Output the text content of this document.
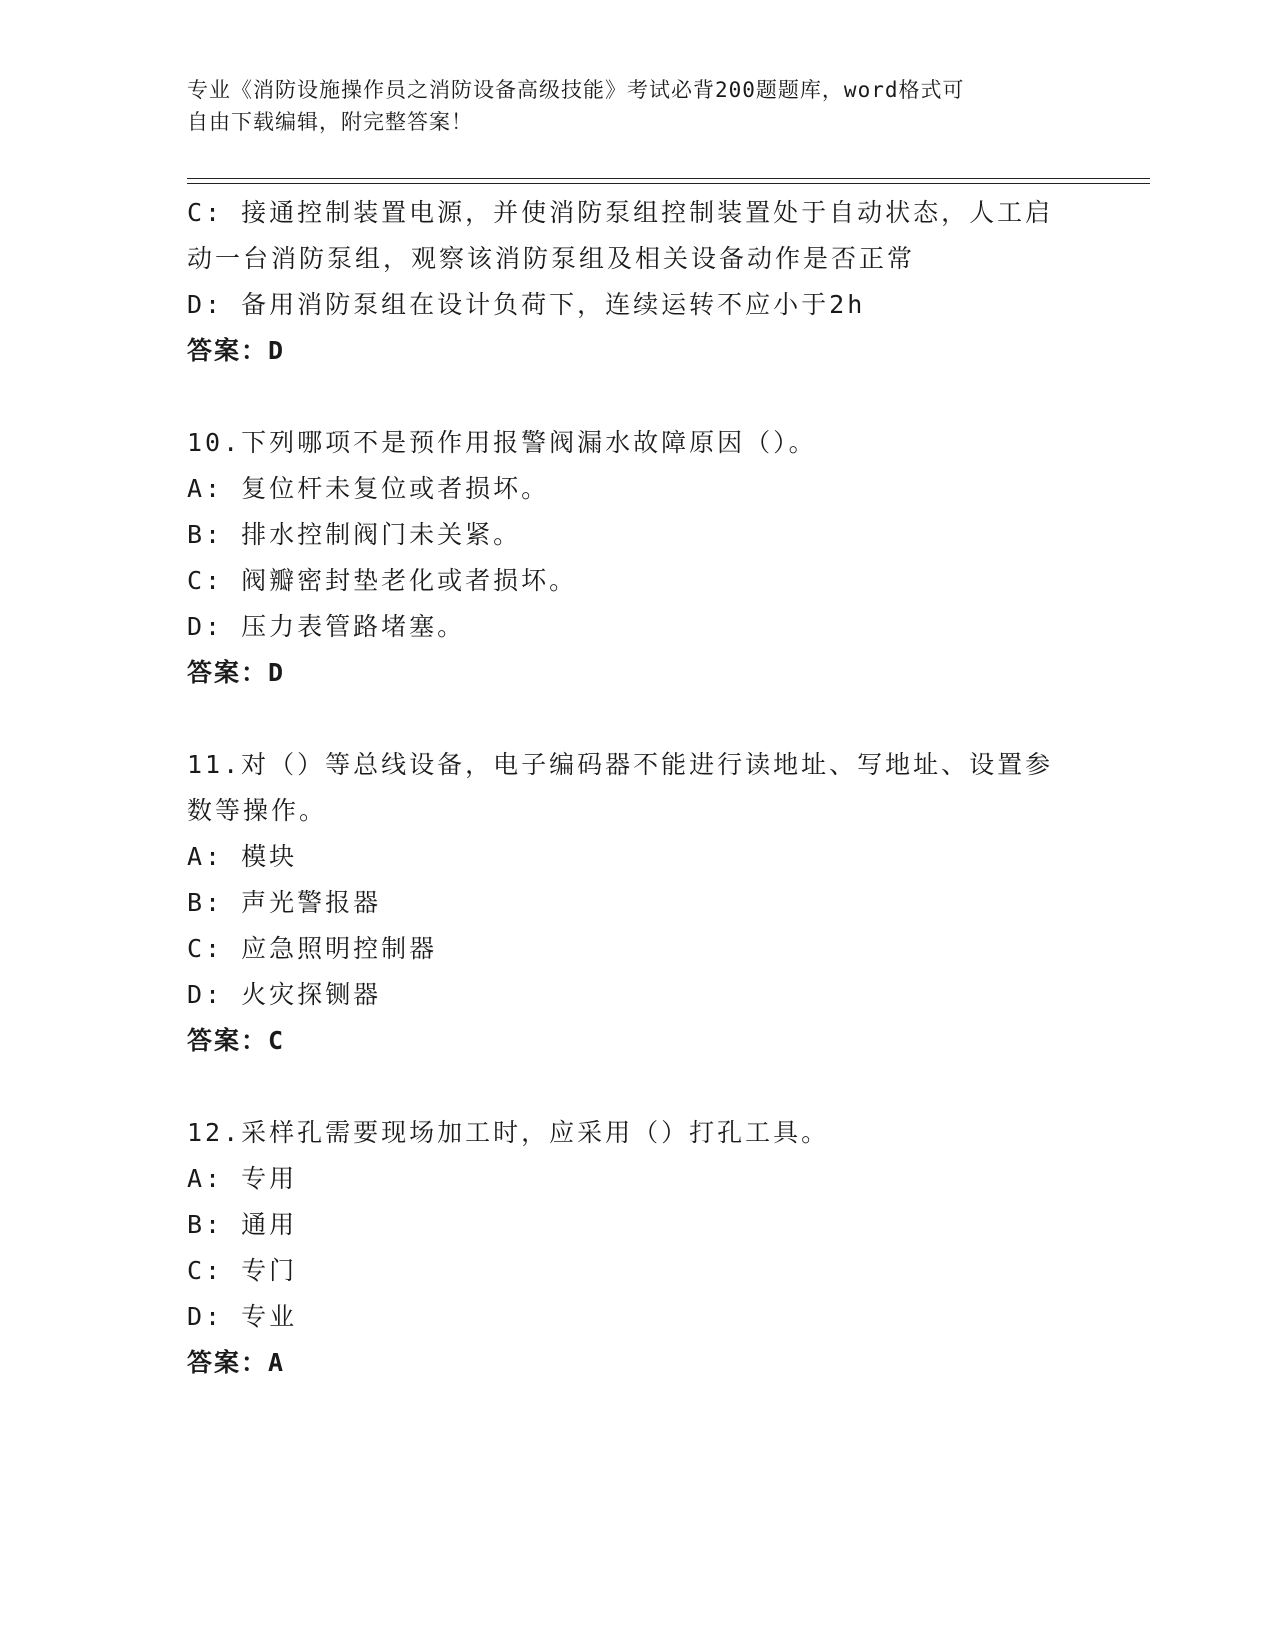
专业《消防设施操作员之消防设备高级技能》考试必背200题题库，word格式可
自由下载编辑，附完整答案！
C: 接通控制装置电源，并使消防泵组控制装置处于自动状态，人工启
动一台消防泵组，观察该消防泵组及相关设备动作是否正常
D: 备用消防泵组在设计负荷下，连续运转不应小于2h
答案：D
10.下列哪项不是预作用报警阀漏水故障原因（）。
A: 复位杆未复位或者损坏。
B: 排水控制阀门未关紧。
C: 阀瓣密封垫老化或者损坏。
D: 压力表管路堵塞。
答案：D
11.对（）等总线设备，电子编码器不能进行读地址、写地址、设置参
数等操作。
A: 模块
B: 声光警报器
C: 应急照明控制器
D: 火灾探铡器
答案：C
12.采样孔需要现场加工时，应采用（）打孔工具。
A: 专用
B: 通用
C: 专门
D: 专业
答案：A
